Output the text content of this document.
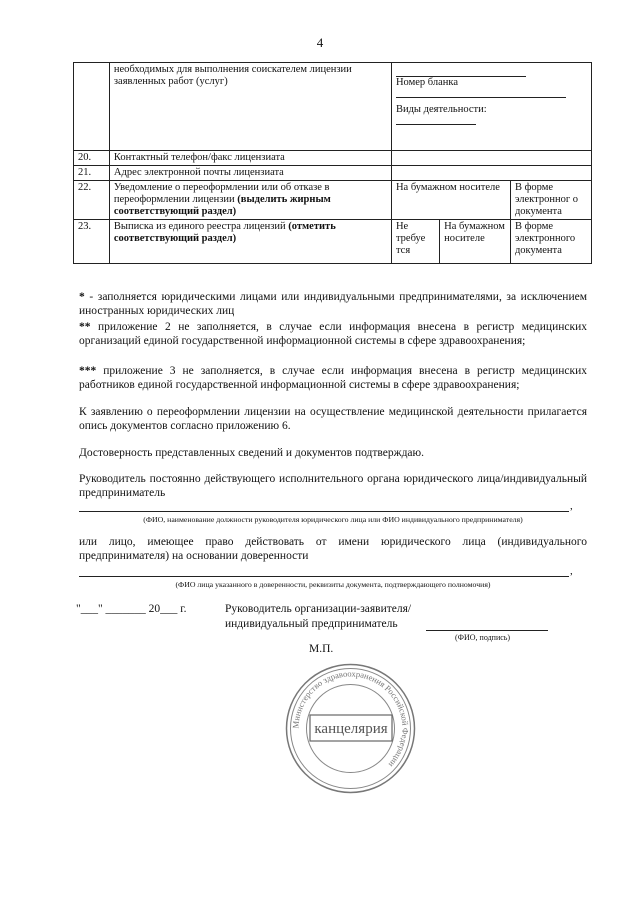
4
	необходимых для выполнения соискателем лицензии заявленных работ (услуг)	Номер бланка
Виды деятельности:		

20.	Контактный телефон/факс лицензиата			
21.	Адрес электронной почты лицензиата			
22.	Уведомление о переоформлении или об отказе в переоформлении лицензии (выделить жирным соответствующий раздел)	На бумажном носителе		В форме электронног о документа
23.	Выписка из единого реестра лицензий (отметить соответствующий раздел)	Не требуе тся	На бумажном носителе	В форме электронного документа
* - заполняется юридическими лицами или индивидуальными предпринимателями, за исключением иностранных юридических лиц
** приложение 2 не заполняется, в случае если информация внесена в регистр медицинских организаций единой государственной информационной системы в сфере здравоохранения;
*** приложение 3 не заполняется, в случае если информация внесена в регистр медицинских работников единой государственной информационной системы в сфере здравоохранения;
К заявлению о переоформлении лицензии на осуществление медицинской деятельности прилагается опись документов согласно приложению 6.
Достоверность представленных сведений и документов подтверждаю.
Руководитель постоянно действующего исполнительного органа юридического лица/индивидуальный предприниматель
,
(ФИО, наименование должности руководителя юридического лица или ФИО индивидуального предпринимателя)
или лицо, имеющее право действовать от имени юридического лица (индивидуального предпринимателя) на основании доверенности
,
(ФИО лица указанного в доверенности, реквизиты документа, подтверждающего полномочия)
"___" _______ 20___ г.	Руководитель организации-заявителя/
индивидуальный предприниматель
(ФИО, подпись)
М.П.
Министерство здравоохранения Российской Федерации
канцелярия
